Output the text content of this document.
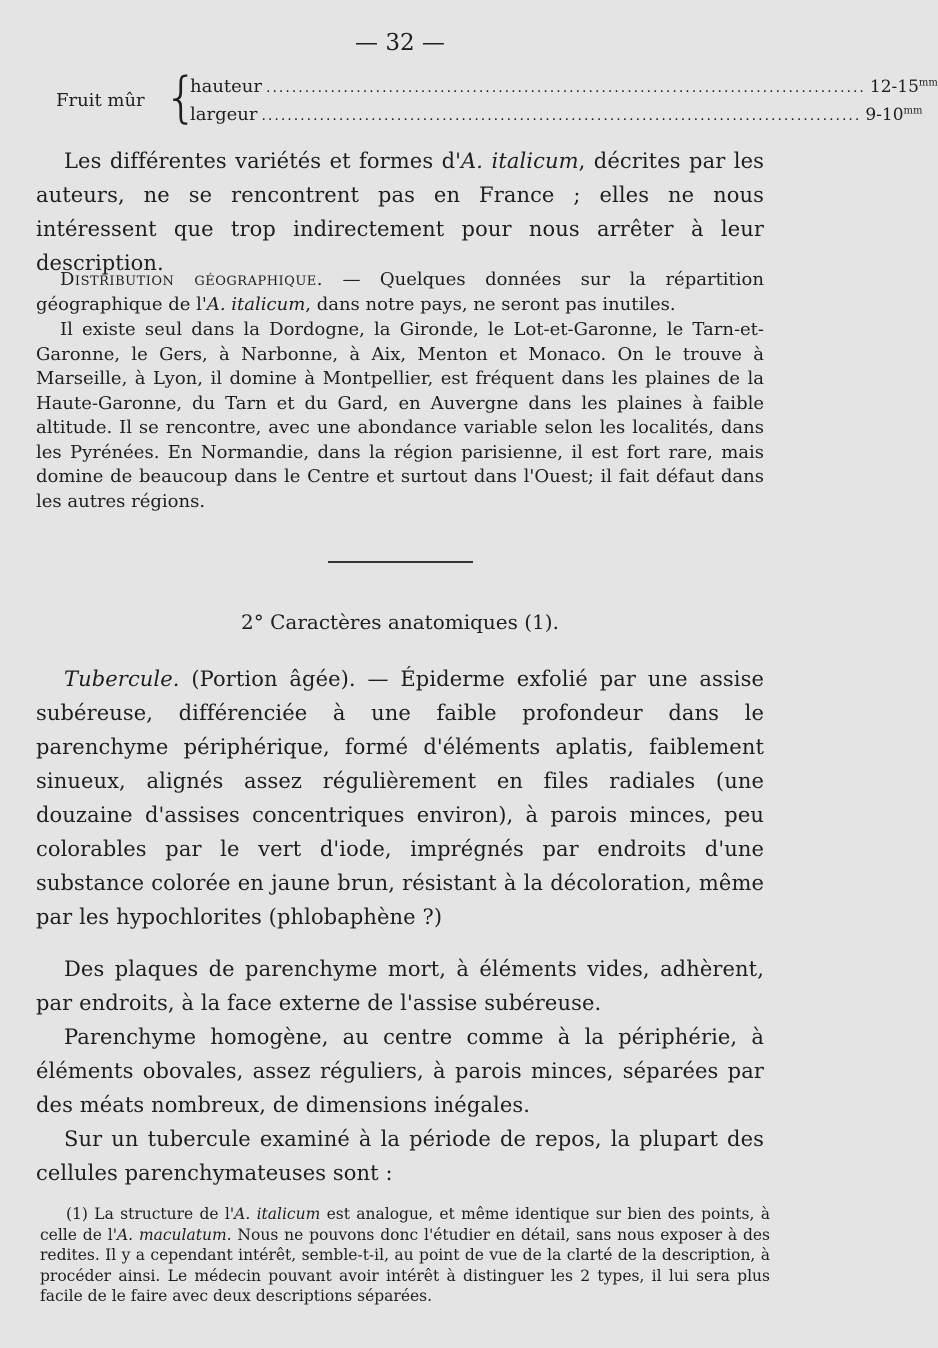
— 32 —
Fruit mûr {
hauteur ............................................................................................. $12-15^{mm}$
largeur ............................................................................................. $9-10^{mm}$

Les différentes variétés et formes d'A. italicum, décrites par les auteurs, ne se rencontrent pas en France ; elles ne nous intéressent que trop indirectement pour nous arrêter à leur description.

Distribution géographique. — Quelques données sur la répartition géographique de l'A. italicum, dans notre pays, ne seront pas inutiles.

Il existe seul dans la Dordogne, la Gironde, le Lot-et-Garonne, le Tarn-et-Garonne, le Gers, à Narbonne, à Aix, Menton et Monaco. On le trouve à Marseille, à Lyon, il domine à Montpellier, est fréquent dans les plaines de la Haute-Garonne, du Tarn et du Gard, en Auvergne dans les plaines à faible altitude. Il se rencontre, avec une abondance variable selon les localités, dans les Pyrénées. En Normandie, dans la région parisienne, il est fort rare, mais domine de beaucoup dans le Centre et surtout dans l'Ouest; il fait défaut dans les autres régions.

2° Caractères anatomiques (1).

Tubercule. (Portion âgée). — Épiderme exfolié par une assise subéreuse, différenciée à une faible profondeur dans le parenchyme périphérique, formé d'éléments aplatis, faiblement sinueux, alignés assez régulièrement en files radiales (une douzaine d'assises concentriques environ), à parois minces, peu colorables par le vert d'iode, imprégnés par endroits d'une substance colorée en jaune brun, résistant à la décoloration, même par les hypochlorites (phlobaphène ?)

Des plaques de parenchyme mort, à éléments vides, adhèrent, par endroits, à la face externe de l'assise subéreuse.

Parenchyme homogène, au centre comme à la périphérie, à éléments obovales, assez réguliers, à parois minces, séparées par des méats nombreux, de dimensions inégales.

Sur un tubercule examiné à la période de repos, la plupart des cellules parenchymateuses sont :

(1) La structure de l'A. italicum est analogue, et même identique sur bien des points, à celle de l'A. maculatum. Nous ne pouvons donc l'étudier en détail, sans nous exposer à des redites. Il y a cependant intérêt, semble-t-il, au point de vue de la clarté de la description, à procéder ainsi. Le médecin pouvant avoir intérêt à distinguer les 2 types, il lui sera plus facile de le faire avec deux descriptions séparées.
